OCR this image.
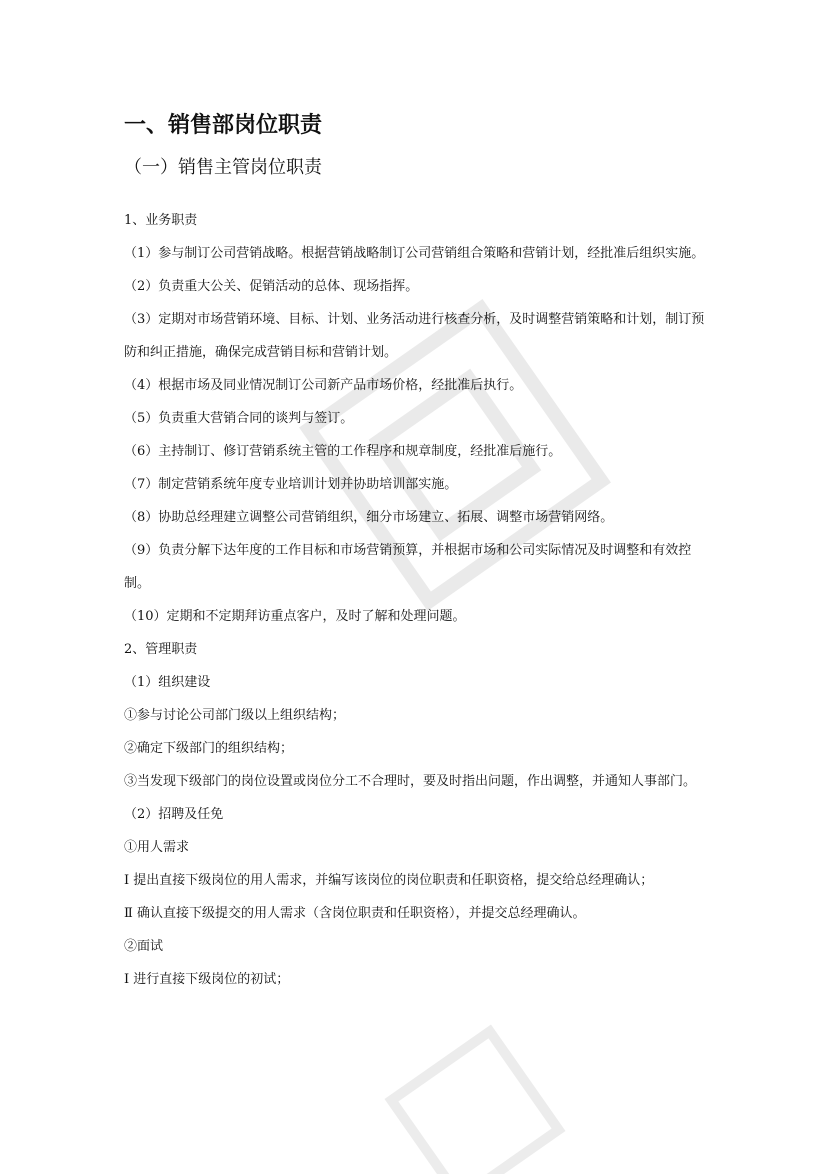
一、销售部岗位职责
（一）销售主管岗位职责
1、业务职责
（1）参与制订公司营销战略。根据营销战略制订公司营销组合策略和营销计划，经批准后组织实施。
（2）负责重大公关、促销活动的总体、现场指挥。
（3）定期对市场营销环境、目标、计划、业务活动进行核查分析，及时调整营销策略和计划，制订预防和纠正措施，确保完成营销目标和营销计划。
（4）根据市场及同业情况制订公司新产品市场价格，经批准后执行。
（5）负责重大营销合同的谈判与签订。
（6）主持制订、修订营销系统主管的工作程序和规章制度，经批准后施行。
（7）制定营销系统年度专业培训计划并协助培训部实施。
（8）协助总经理建立调整公司营销组织，细分市场建立、拓展、调整市场营销网络。
（9）负责分解下达年度的工作目标和市场营销预算，并根据市场和公司实际情况及时调整和有效控制。
（10）定期和不定期拜访重点客户，及时了解和处理问题。
2、管理职责
（1）组织建设
①参与讨论公司部门级以上组织结构；
②确定下级部门的组织结构；
③当发现下级部门的岗位设置或岗位分工不合理时，要及时指出问题，作出调整，并通知人事部门。
（2）招聘及任免
①用人需求
Ⅰ 提出直接下级岗位的用人需求，并编写该岗位的岗位职责和任职资格，提交给总经理确认；
Ⅱ 确认直接下级提交的用人需求（含岗位职责和任职资格），并提交总经理确认。
②面试
Ⅰ 进行直接下级岗位的初试；
